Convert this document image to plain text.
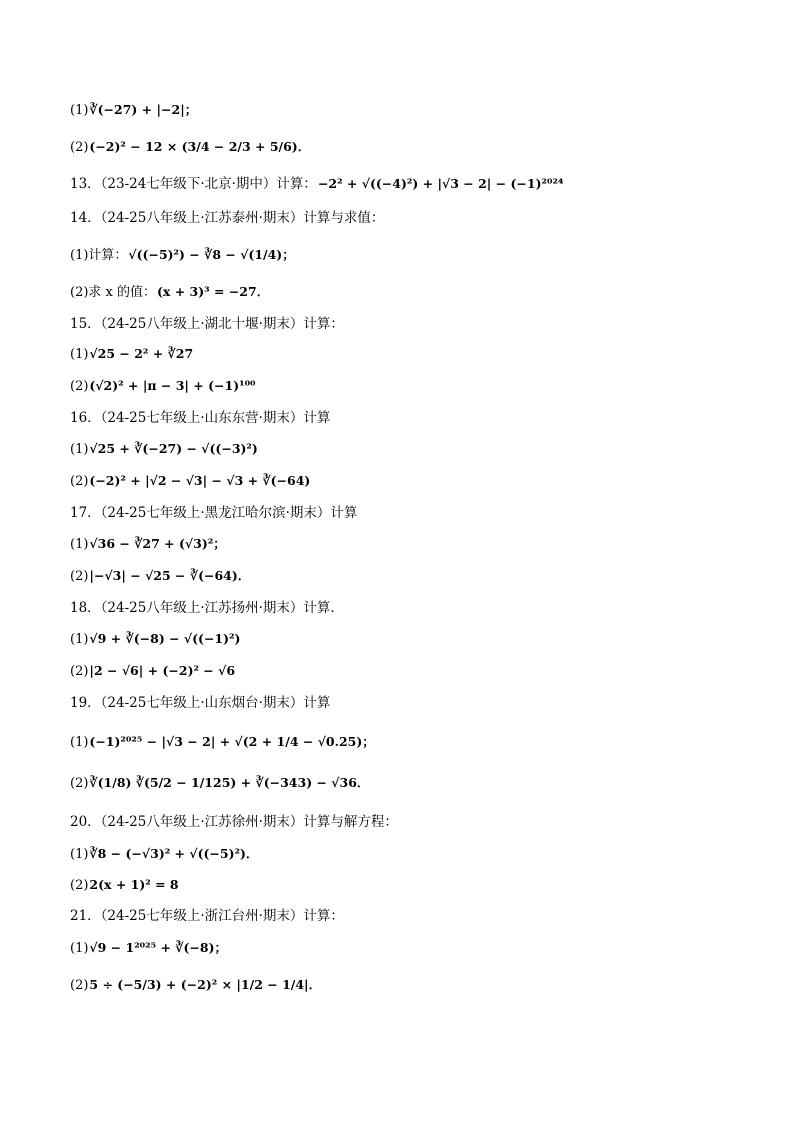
(1)∛(−27) + |−2|；
(2)(−2)² − 12 × (3/4 − 2/3 + 5/6)．
13．（23-24七年级下·北京·期中）计算：−2² + √((−4)²) + |√3 − 2| − (−1)²⁰²⁴
14．（24-25八年级上·江苏泰州·期末）计算与求值：
(1)计算：√((−5)²) − ∛8 − √(1/4)；
(2)求 x 的值：(x + 3)³ = −27．
15．（24-25八年级上·湖北十堰·期末）计算：
(1)√25 − 2² + ∛27
(2)(√2)² + |π − 3| + (−1)¹⁰⁰
16．（24-25七年级上·山东东营·期末）计算
(1)√25 + ∛(−27) − √((−3)²)
(2)(−2)² + |√2 − √3| − √3 + ∛(−64)
17．（24-25七年级上·黑龙江哈尔滨·期末）计算
(1)√36 − ∛27 + (√3)²；
(2)|−√3| − √25 − ∛(−64)．
18．（24-25八年级上·江苏扬州·期末）计算．
(1)√9 + ∛(−8) − √((−1)²)
(2)|2 − √6| + (−2)² − √6
19．（24-25七年级上·山东烟台·期末）计算
(1)(−1)²⁰²⁵ − |√3 − 2| + √(2 + 1/4 − √0.25)；
(2)∛(1/8) ∛(5/2 − 1/125) + ∛(−343) − √36．
20．（24-25八年级上·江苏徐州·期末）计算与解方程：
(1)∛8 − (−√3)² + √((−5)²)．
(2)2(x + 1)² = 8
21．（24-25七年级上·浙江台州·期末）计算：
(1)√9 − 1²⁰²⁵ + ∛(−8)；
(2)5 ÷ (−5/3) + (−2)² × |1/2 − 1/4|．
